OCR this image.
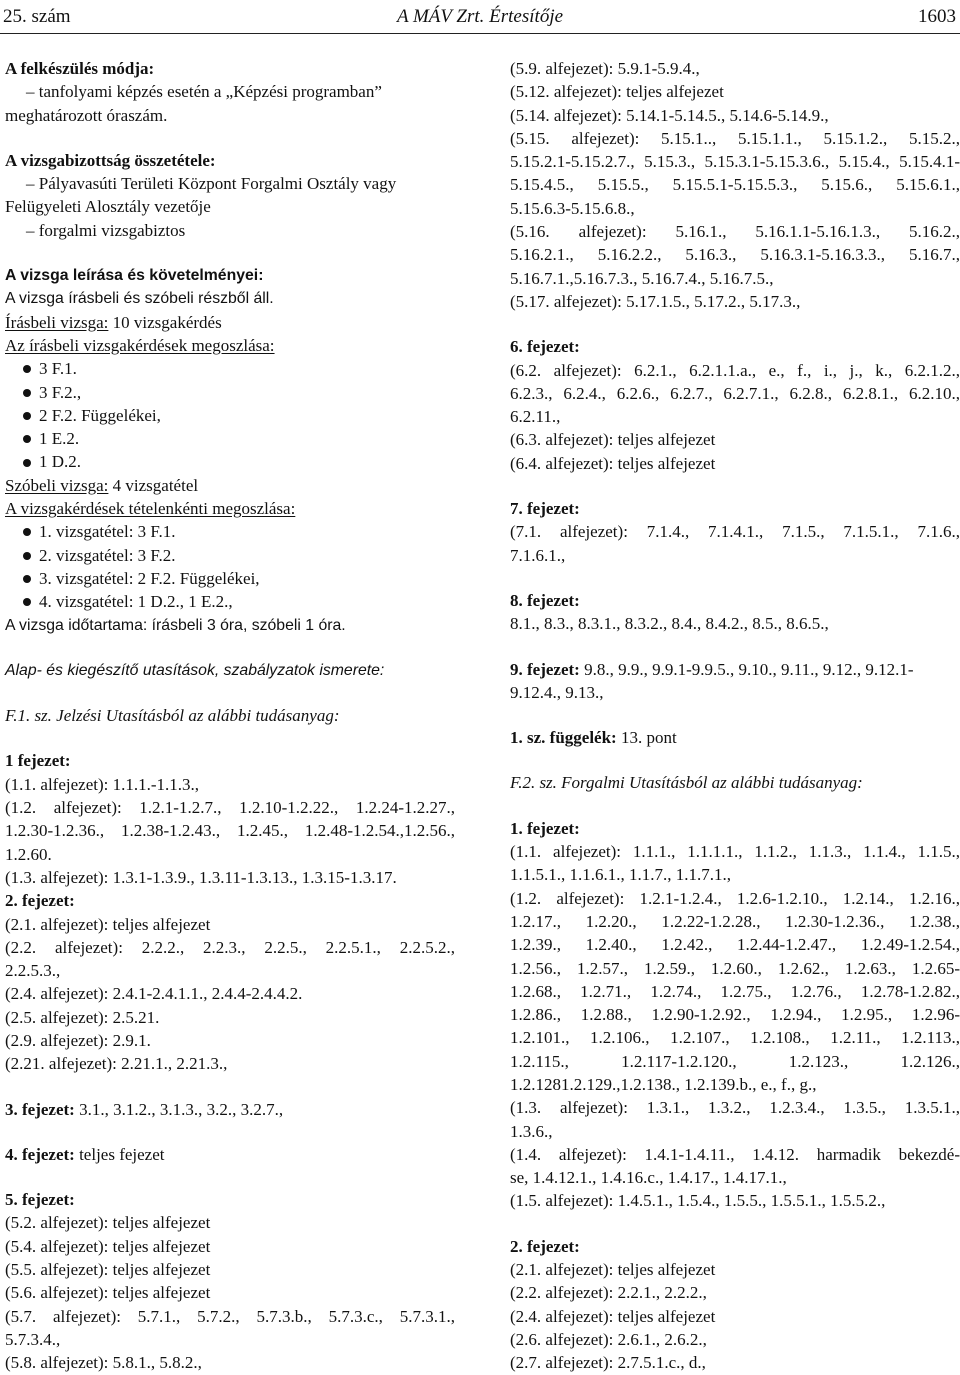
25. szám	A MÁV Zrt. Értesítője	1603
A felkészülés módja:
– tanfolyami képzés esetén a „Képzési programban”
meghatározott óraszám.
A vizsgabizottság összetétele:
– Pályavasúti Területi Központ Forgalmi Osztály vagy
Felügyeleti Alosztály vezetője
– forgalmi vizsgabiztos
A vizsga leírása és követelményei:
A vizsga írásbeli és szóbeli részből áll.
Írásbeli vizsga: 10 vizsgakérdés
Az írásbeli vizsgakérdések megoszlása:
3 F.1.
3 F.2.,
2 F.2. Függelékei,
1 E.2.
1 D.2.
Szóbeli vizsga: 4 vizsgatétel
A vizsgakérdések tételenkénti megoszlása:
1. vizsgatétel: 3 F.1.
2. vizsgatétel: 3 F.2.
3. vizsgatétel: 2 F.2. Függelékei,
4. vizsgatétel: 1 D.2., 1 E.2.,
A vizsga időtartama: írásbeli 3 óra, szóbeli 1 óra.
Alap- és kiegészítő utasítások, szabályzatok ismerete:
F.1. sz. Jelzési Utasításból az alábbi tudásanyag:
1 fejezet:
(1.1. alfejezet): 1.1.1.-1.1.3.,
(1.2. alfejezet): 1.2.1-1.2.7., 1.2.10-1.2.22., 1.2.24-1.2.27.,
1.2.30-1.2.36., 1.2.38-1.2.43., 1.2.45., 1.2.48-1.2.54.,1.2.56.,
1.2.60.
(1.3. alfejezet): 1.3.1-1.3.9., 1.3.11-1.3.13., 1.3.15-1.3.17.
2. fejezet:
(2.1. alfejezet): teljes alfejezet
(2.2. alfejezet): 2.2.2., 2.2.3., 2.2.5., 2.2.5.1., 2.2.5.2.,
2.2.5.3.,
(2.4. alfejezet): 2.4.1-2.4.1.1., 2.4.4-2.4.4.2.
(2.5. alfejezet): 2.5.21.
(2.9. alfejezet): 2.9.1.
(2.21. alfejezet): 2.21.1., 2.21.3.,
3. fejezet: 3.1., 3.1.2., 3.1.3., 3.2., 3.2.7.,
4. fejezet: teljes fejezet
5. fejezet:
(5.2. alfejezet): teljes alfejezet
(5.4. alfejezet): teljes alfejezet
(5.5. alfejezet): teljes alfejezet
(5.6. alfejezet): teljes alfejezet
(5.7. alfejezet): 5.7.1., 5.7.2., 5.7.3.b., 5.7.3.c., 5.7.3.1.,
5.7.3.4.,
(5.8. alfejezet): 5.8.1., 5.8.2.,
(5.9. alfejezet): 5.9.1-5.9.4.,
(5.12. alfejezet): teljes alfejezet
(5.14. alfejezet): 5.14.1-5.14.5., 5.14.6-5.14.9.,
(5.15. alfejezet): 5.15.1.., 5.15.1.1., 5.15.1.2., 5.15.2.,
5.15.2.1-5.15.2.7., 5.15.3., 5.15.3.1-5.15.3.6., 5.15.4., 5.15.4.1-
5.15.4.5., 5.15.5., 5.15.5.1-5.15.5.3., 5.15.6., 5.15.6.1.,
5.15.6.3-5.15.6.8.,
(5.16. alfejezet): 5.16.1., 5.16.1.1-5.16.1.3., 5.16.2.,
5.16.2.1., 5.16.2.2., 5.16.3., 5.16.3.1-5.16.3.3., 5.16.7.,
5.16.7.1.,5.16.7.3., 5.16.7.4., 5.16.7.5.,
(5.17. alfejezet): 5.17.1.5., 5.17.2., 5.17.3.,
6. fejezet:
(6.2. alfejezet): 6.2.1., 6.2.1.1.a., e., f., i., j., k., 6.2.1.2.,
6.2.3., 6.2.4., 6.2.6., 6.2.7., 6.2.7.1., 6.2.8., 6.2.8.1., 6.2.10.,
6.2.11.,
(6.3. alfejezet): teljes alfejezet
(6.4. alfejezet): teljes alfejezet
7. fejezet:
(7.1. alfejezet): 7.1.4., 7.1.4.1., 7.1.5., 7.1.5.1., 7.1.6.,
7.1.6.1.,
8. fejezet:
8.1., 8.3., 8.3.1., 8.3.2., 8.4., 8.4.2., 8.5., 8.6.5.,
9. fejezet: 9.8., 9.9., 9.9.1-9.9.5., 9.10., 9.11., 9.12., 9.12.1-
9.12.4., 9.13.,
1. sz. függelék: 13. pont
F.2. sz. Forgalmi Utasításból az alábbi tudásanyag:
1. fejezet:
(1.1. alfejezet): 1.1.1., 1.1.1.1., 1.1.2., 1.1.3., 1.1.4., 1.1.5.,
1.1.5.1., 1.1.6.1., 1.1.7., 1.1.7.1.,
(1.2. alfejezet): 1.2.1-1.2.4., 1.2.6-1.2.10., 1.2.14., 1.2.16.,
1.2.17., 1.2.20., 1.2.22-1.2.28., 1.2.30-1.2.36., 1.2.38.,
1.2.39., 1.2.40., 1.2.42., 1.2.44-1.2.47., 1.2.49-1.2.54.,
1.2.56., 1.2.57., 1.2.59., 1.2.60., 1.2.62., 1.2.63., 1.2.65-
1.2.68., 1.2.71., 1.2.74., 1.2.75., 1.2.76., 1.2.78-1.2.82.,
1.2.86., 1.2.88., 1.2.90-1.2.92., 1.2.94., 1.2.95., 1.2.96-
1.2.101., 1.2.106., 1.2.107., 1.2.108., 1.2.11., 1.2.113.,
1.2.115., 1.2.117-1.2.120., 1.2.123., 1.2.126.,
1.2.1281.2.129.,1.2.138., 1.2.139.b., e., f., g.,
(1.3. alfejezet): 1.3.1., 1.3.2., 1.2.3.4., 1.3.5., 1.3.5.1.,
1.3.6.,
(1.4. alfejezet): 1.4.1-1.4.11., 1.4.12. harmadik bekezdé-
se, 1.4.12.1., 1.4.16.c., 1.4.17., 1.4.17.1.,
(1.5. alfejezet): 1.4.5.1., 1.5.4., 1.5.5., 1.5.5.1., 1.5.5.2.,
2. fejezet:
(2.1. alfejezet): teljes alfejezet
(2.2. alfejezet): 2.2.1., 2.2.2.,
(2.4. alfejezet): teljes alfejezet
(2.6. alfejezet): 2.6.1., 2.6.2.,
(2.7. alfejezet): 2.7.5.1.c., d.,
